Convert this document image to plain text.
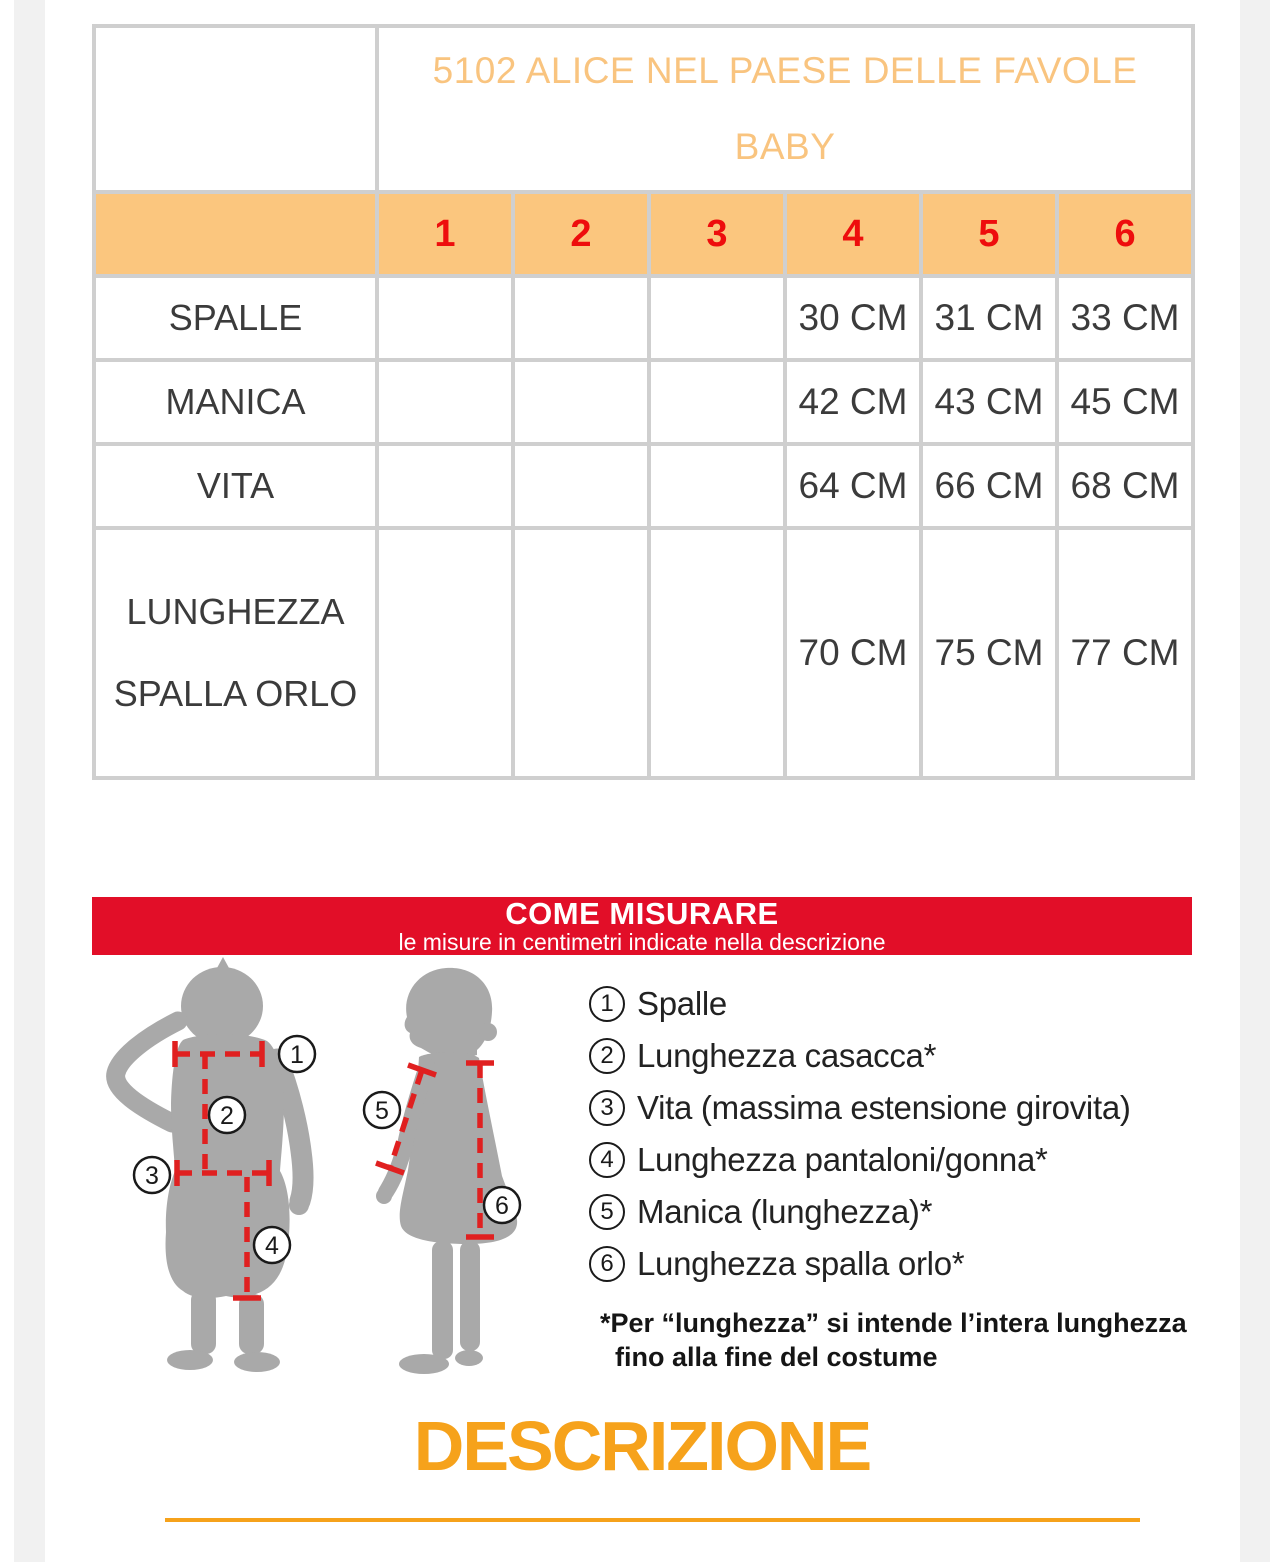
	5102 ALICE NEL PAESE DELLE FAVOLE
BABY					

	1	2	3	4	5	6
SPALLE				30 CM	31 CM	33 CM
MANICA				42 CM	43 CM	45 CM
VITA				64 CM	66 CM	68 CM

LUNGHEZZA SPALLA ORLO				70 CM	75 CM	77 CM
COME MISURARE
le misure in centimetri indicate nella descrizione
1
2
3
4
5
6
1 Spalle
2 Lunghezza casacca*
3 Vita (massima estensione girovita)
4 Lunghezza pantaloni/gonna*
5 Manica (lunghezza)*
6 Lunghezza spalla orlo*
*Per “lunghezza” si intende l’intera lunghezza
fino alla fine del costume
DESCRIZIONE
